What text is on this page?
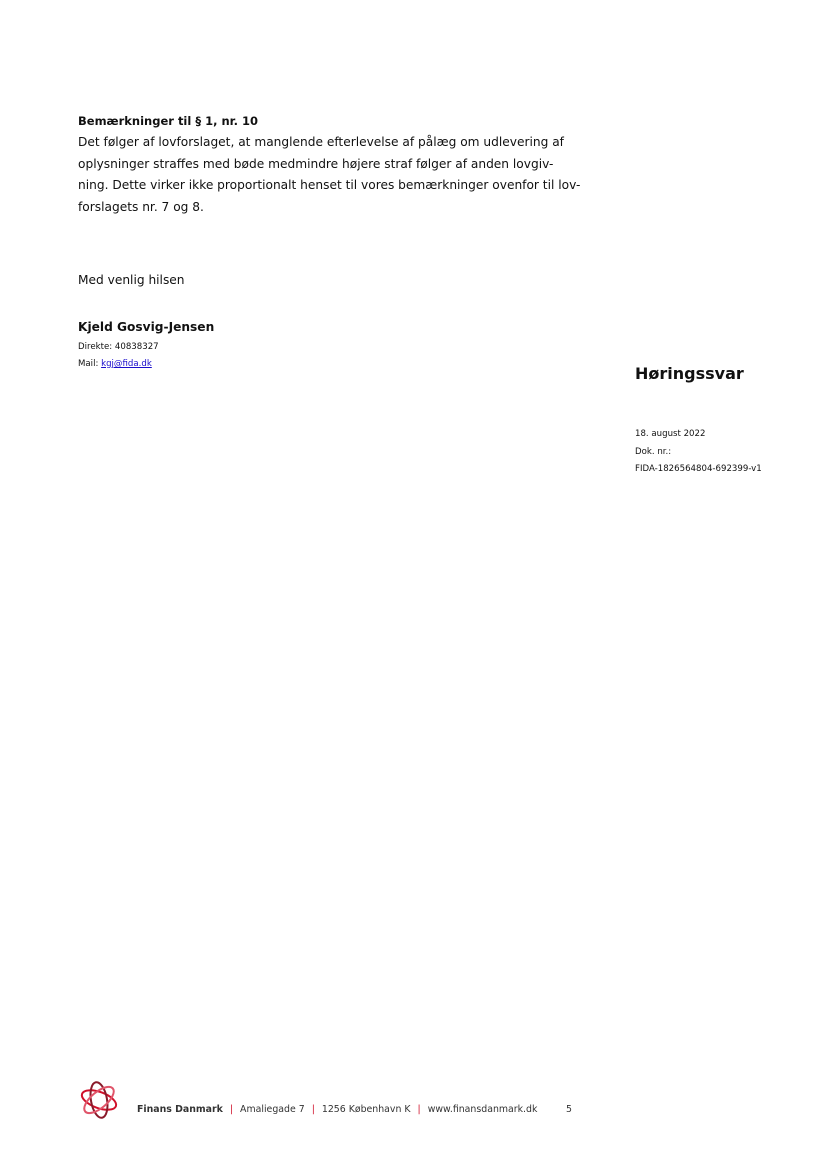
Bemærkninger til § 1, nr. 10
Det følger af lovforslaget, at manglende efterlevelse af pålæg om udlevering af
oplysninger straffes med bøde medmindre højere straf følger af anden lovgiv-
ning. Dette virker ikke proportionalt henset til vores bemærkninger ovenfor til lov-
forslagets nr. 7 og 8.
Med venlig hilsen
Kjeld Gosvig-Jensen
Direkte: 40838327
Mail: kgj@fida.dk	Høringssvar
18. august 2022
Dok. nr.:
FIDA-1826564804-692399-v1
Finans Danmark | Amaliegade 7 | 1256 København K | www.finansdanmark.dk	5
